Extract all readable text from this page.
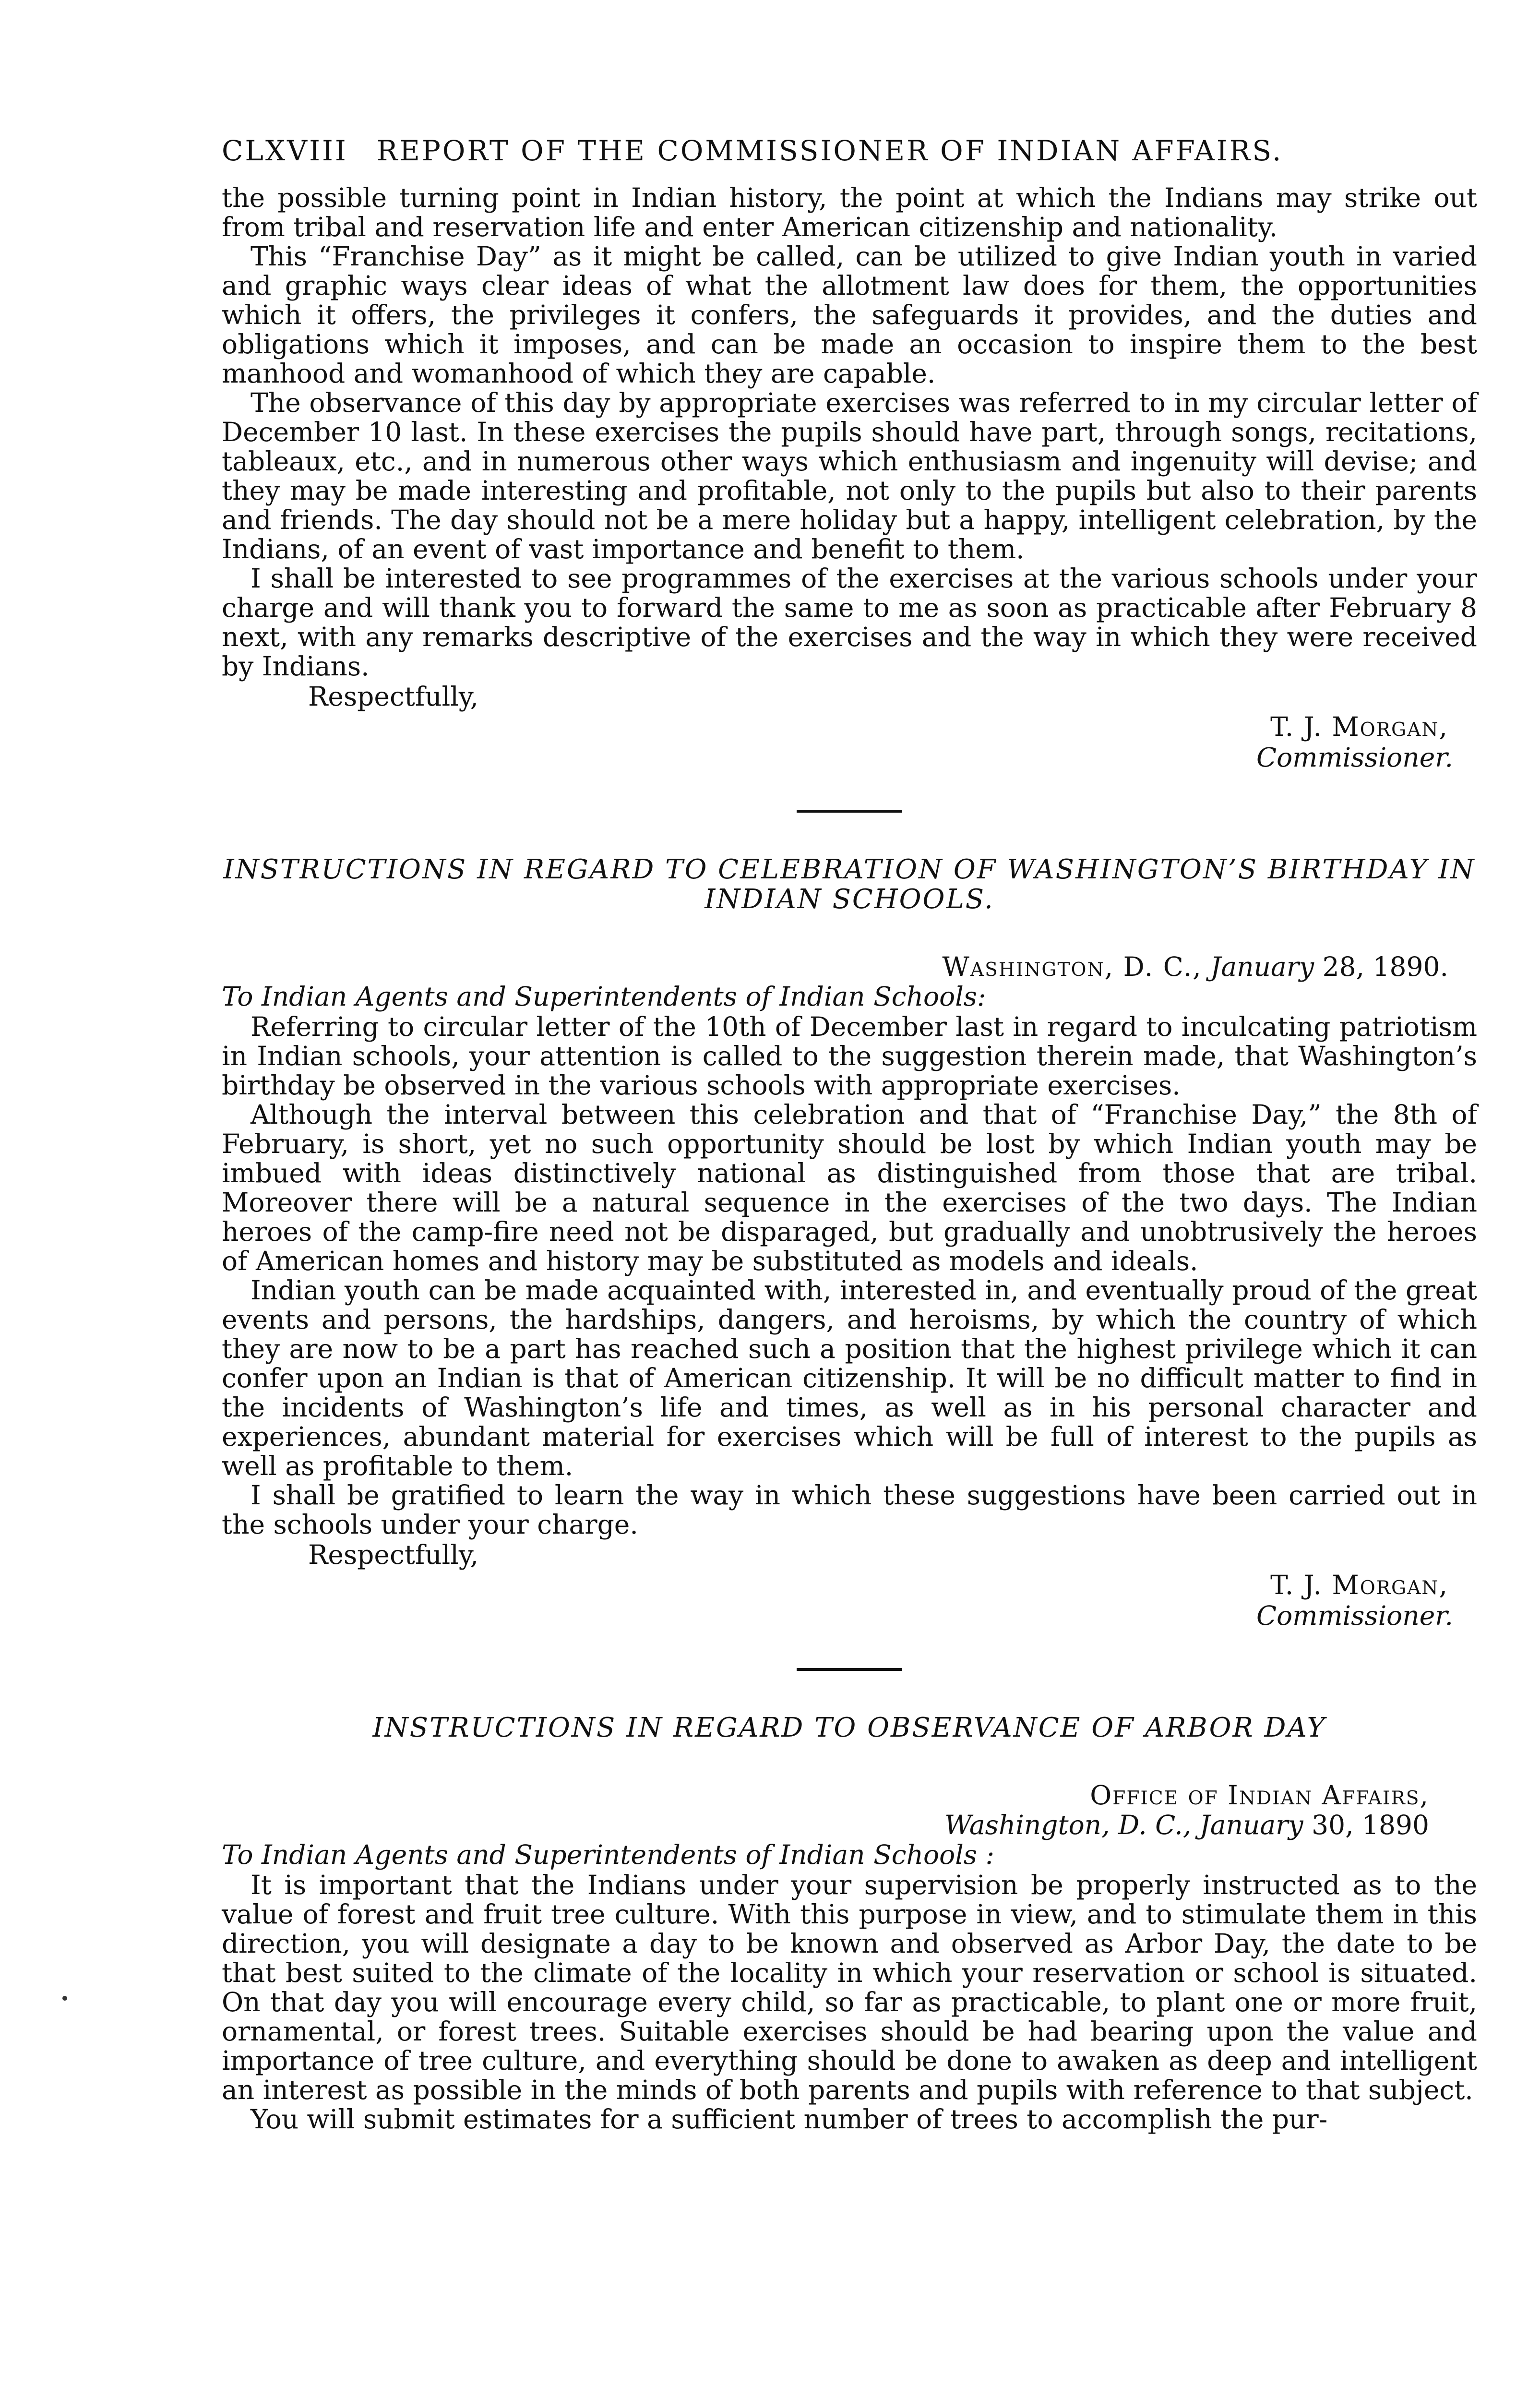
CLXVIII REPORT OF THE COMMISSIONER OF INDIAN AFFAIRS.

the possible turning point in Indian history, the point at which the Indians may strike out from tribal and reservation life and enter American citizenship and nationality.

This “Franchise Day” as it might be called, can be utilized to give Indian youth in varied and graphic ways clear ideas of what the allotment law does for them, the opportunities which it offers, the privileges it confers, the safeguards it provides, and the duties and obligations which it imposes, and can be made an occasion to inspire them to the best manhood and womanhood of which they are capable.

The observance of this day by appropriate exercises was referred to in my circular letter of December 10 last. In these exercises the pupils should have part, through songs, recitations, tableaux, etc., and in numerous other ways which enthusiasm and ingenuity will devise; and they may be made interesting and profitable, not only to the pupils but also to their parents and friends. The day should not be a mere holiday but a happy, intelligent celebration, by the Indians, of an event of vast importance and benefit to them.

I shall be interested to see programmes of the exercises at the various schools under your charge and will thank you to forward the same to me as soon as practicable after February 8 next, with any remarks descriptive of the exercises and the way in which they were received by Indians.

Respectfully,
T. J. Morgan,
Commissioner.
INSTRUCTIONS IN REGARD TO CELEBRATION OF WASHINGTON’S BIRTHDAY IN INDIAN SCHOOLS.
Washington, D. C., January 28, 1890.
To Indian Agents and Superintendents of Indian Schools:

Referring to circular letter of the 10th of December last in regard to inculcating patriotism in Indian schools, your attention is called to the suggestion therein made, that Washington’s birthday be observed in the various schools with appropriate exercises.

Although the interval between this celebration and that of “Franchise Day,” the 8th of February, is short, yet no such opportunity should be lost by which Indian youth may be imbued with ideas distinctively national as distinguished from those that are tribal. Moreover there will be a natural sequence in the exercises of the two days. The Indian heroes of the camp-fire need not be disparaged, but gradually and unobtrusively the heroes of American homes and history may be substituted as models and ideals.

Indian youth can be made acquainted with, interested in, and eventually proud of the great events and persons, the hardships, dangers, and heroisms, by which the country of which they are now to be a part has reached such a position that the highest privilege which it can confer upon an Indian is that of American citizenship. It will be no difficult matter to find in the incidents of Washington’s life and times, as well as in his personal character and experiences, abundant material for exercises which will be full of interest to the pupils as well as profitable to them.

I shall be gratified to learn the way in which these suggestions have been carried out in the schools under your charge.

Respectfully,
T. J. Morgan,
Commissioner.
INSTRUCTIONS IN REGARD TO OBSERVANCE OF ARBOR DAY
Office of Indian Affairs,
Washington, D. C., January 30, 1890
To Indian Agents and Superintendents of Indian Schools :

It is important that the Indians under your supervision be properly instructed as to the value of forest and fruit tree culture. With this purpose in view, and to stimulate them in this direction, you will designate a day to be known and observed as Arbor Day, the date to be that best suited to the climate of the locality in which your reservation or school is situated. On that day you will encourage every child, so far as practicable, to plant one or more fruit, ornamental, or forest trees. Suitable exercises should be had bearing upon the value and importance of tree culture, and everything should be done to awaken as deep and intelligent an interest as possible in the minds of both parents and pupils with reference to that subject.

You will submit estimates for a sufficient number of trees to accomplish the pur-
